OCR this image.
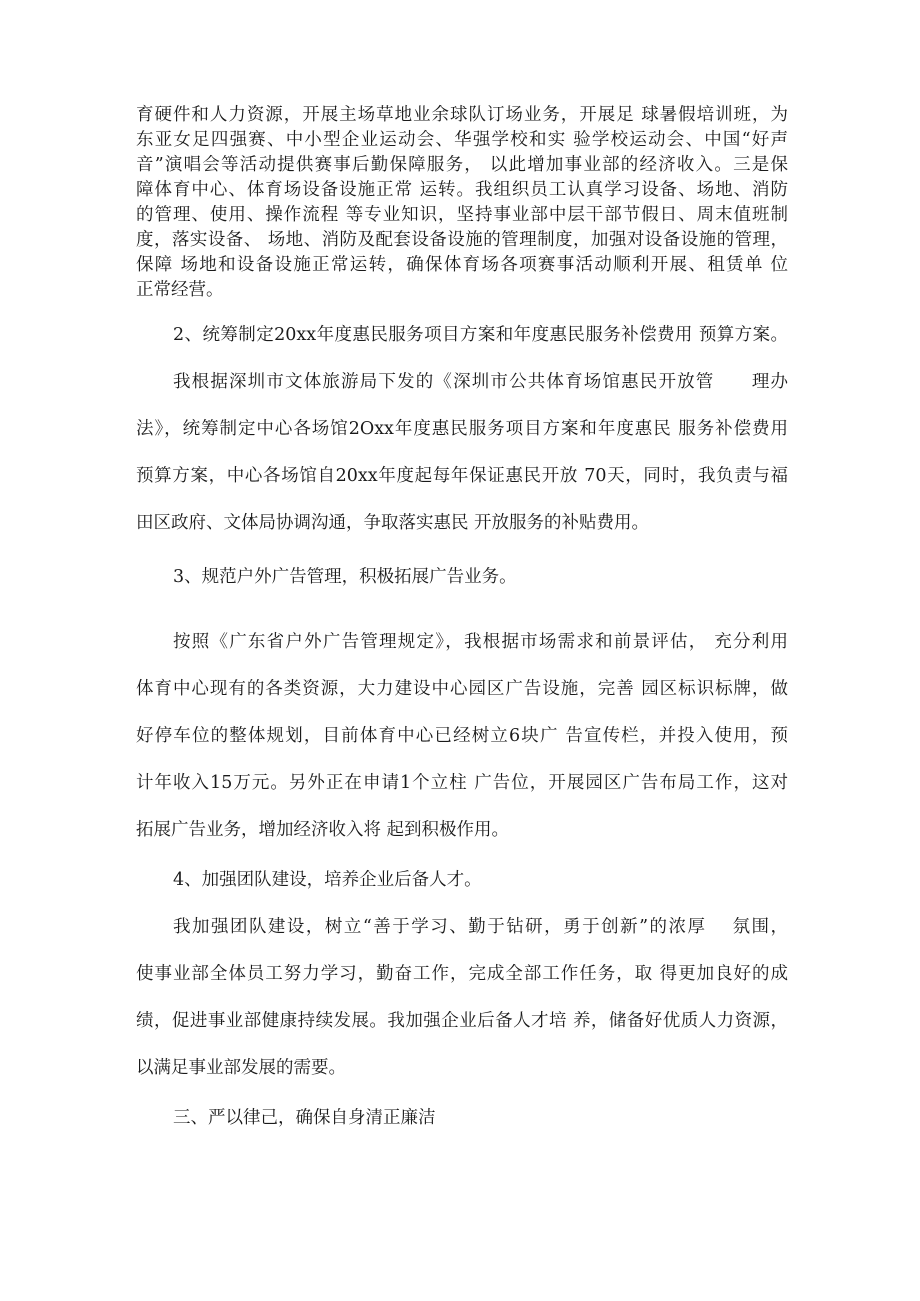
育硬件和人力资源，开展主场草地业余球队订场业务，开展足 球暑假培训班，为
东亚女足四强赛、中小型企业运动会、华强学校和实 验学校运动会、中国“好声
音”演唱会等活动提供赛事后勤保障服务， 以此增加事业部的经济收入。三是保
障体育中心、体育场设备设施正常 运转。我组织员工认真学习设备、场地、消防
的管理、使用、操作流程 等专业知识，坚持事业部中层干部节假日、周末值班制
度，落实设备、 场地、消防及配套设备设施的管理制度，加强对设备设施的管理，
保障 场地和设备设施正常运转，确保体育场各项赛事活动顺利开展、租赁单 位
正常经营。
2、统筹制定20xx年度惠民服务项目方案和年度惠民服务补偿费用 预算方案。
我根据深圳市文体旅游局下发的《深圳市公共体育场馆惠民开放管　　理办
法》，统筹制定中心各场馆2Oxx年度惠民服务项目方案和年度惠民 服务补偿费用
预算方案，中心各场馆自20xx年度起每年保证惠民开放 70天，同时，我负责与福
田区政府、文体局协调沟通，争取落实惠民 开放服务的补贴费用。
3、规范户外广告管理，积极拓展广告业务。
按照《广东省户外广告管理规定》，我根据市场需求和前景评估， 充分利用
体育中心现有的各类资源，大力建设中心园区广告设施，完善 园区标识标牌，做
好停车位的整体规划，目前体育中心已经树立6块广 告宣传栏，并投入使用，预
计年收入15万元。另外正在申请1个立柱 广告位，开展园区广告布局工作，这对
拓展广告业务，增加经济收入将 起到积极作用。
4、加强团队建设，培养企业后备人才。
我加强团队建设，树立“善于学习、勤于钻研，勇于创新”的浓厚　 氛围，
使事业部全体员工努力学习，勤奋工作，完成全部工作任务，取 得更加良好的成
绩，促进事业部健康持续发展。我加强企业后备人才培 养，储备好优质人力资源，
以满足事业部发展的需要。
三、严以律己，确保自身清正廉洁
